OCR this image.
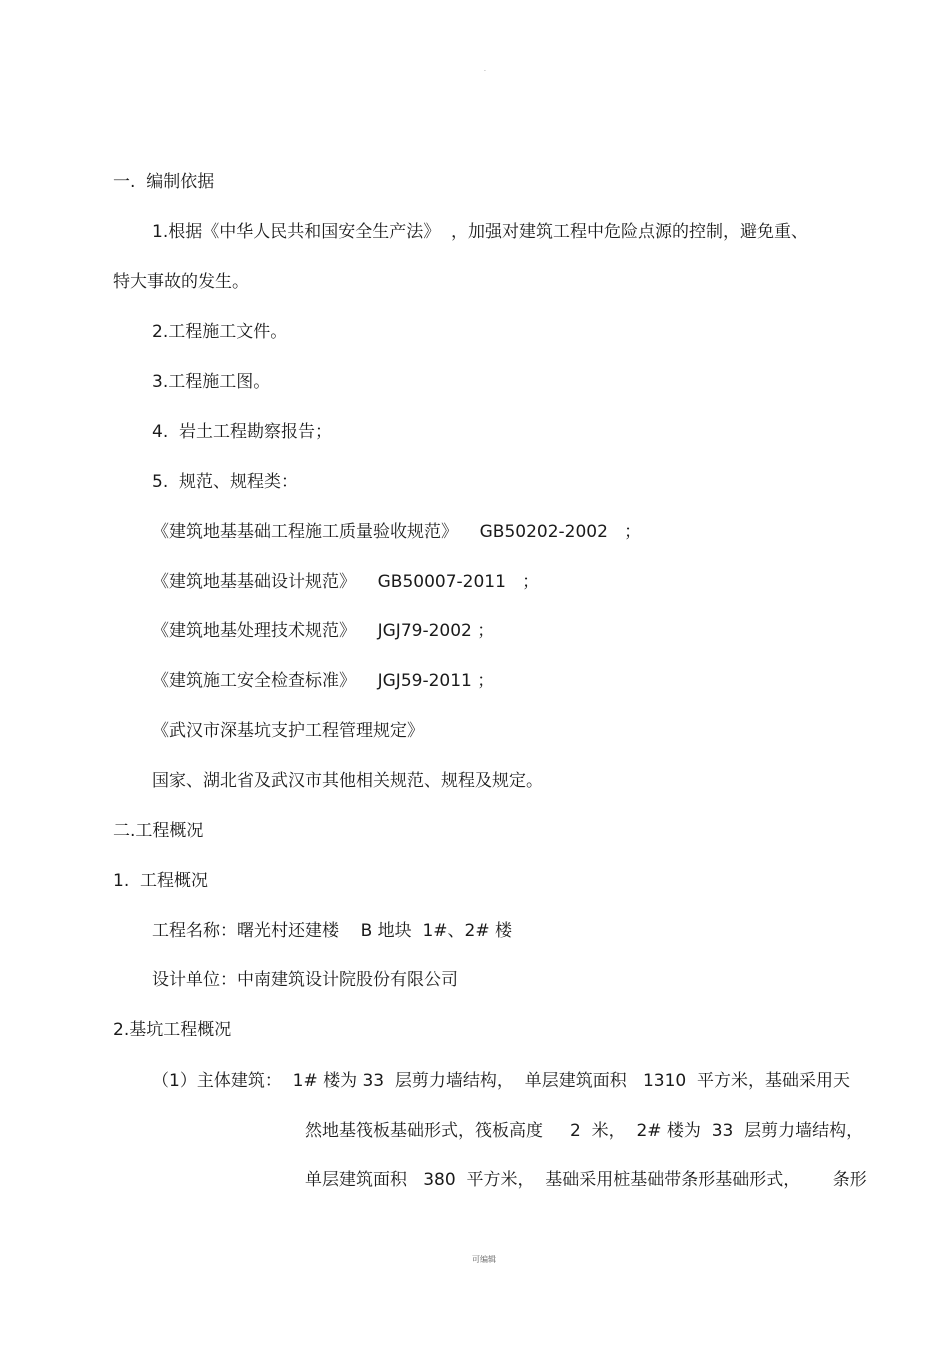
.
一.  编制依据
1.根据《中华人民共和国安全生产法》  ，加强对建筑工程中危险点源的控制，避免重、
特大事故的发生。
2.工程施工文件。
3.工程施工图。
4.  岩土工程勘察报告；
5.  规范、规程类：
《建筑地基基础工程施工质量验收规范》    GB50202-2002   ；
《建筑地基基础设计规范》    GB50007-2011   ；
《建筑地基处理技术规范》    JGJ79-2002 ；
《建筑施工安全检查标准》    JGJ59-2011 ；
《武汉市深基坑支护工程管理规定》
国家、湖北省及武汉市其他相关规范、规程及规定。
二.工程概况
1.  工程概况
工程名称：曙光村还建楼    B 地块  1#、2# 楼
设计单位：中南建筑设计院股份有限公司
2.基坑工程概况
（1）主体建筑：  1# 楼为 33  层剪力墙结构，  单层建筑面积   1310  平方米，基础采用天
然地基筏板基础形式，筏板高度     2  米，  2# 楼为  33  层剪力墙结构，
单层建筑面积   380  平方米，  基础采用桩基础带条形基础形式，      条形
可编辑
